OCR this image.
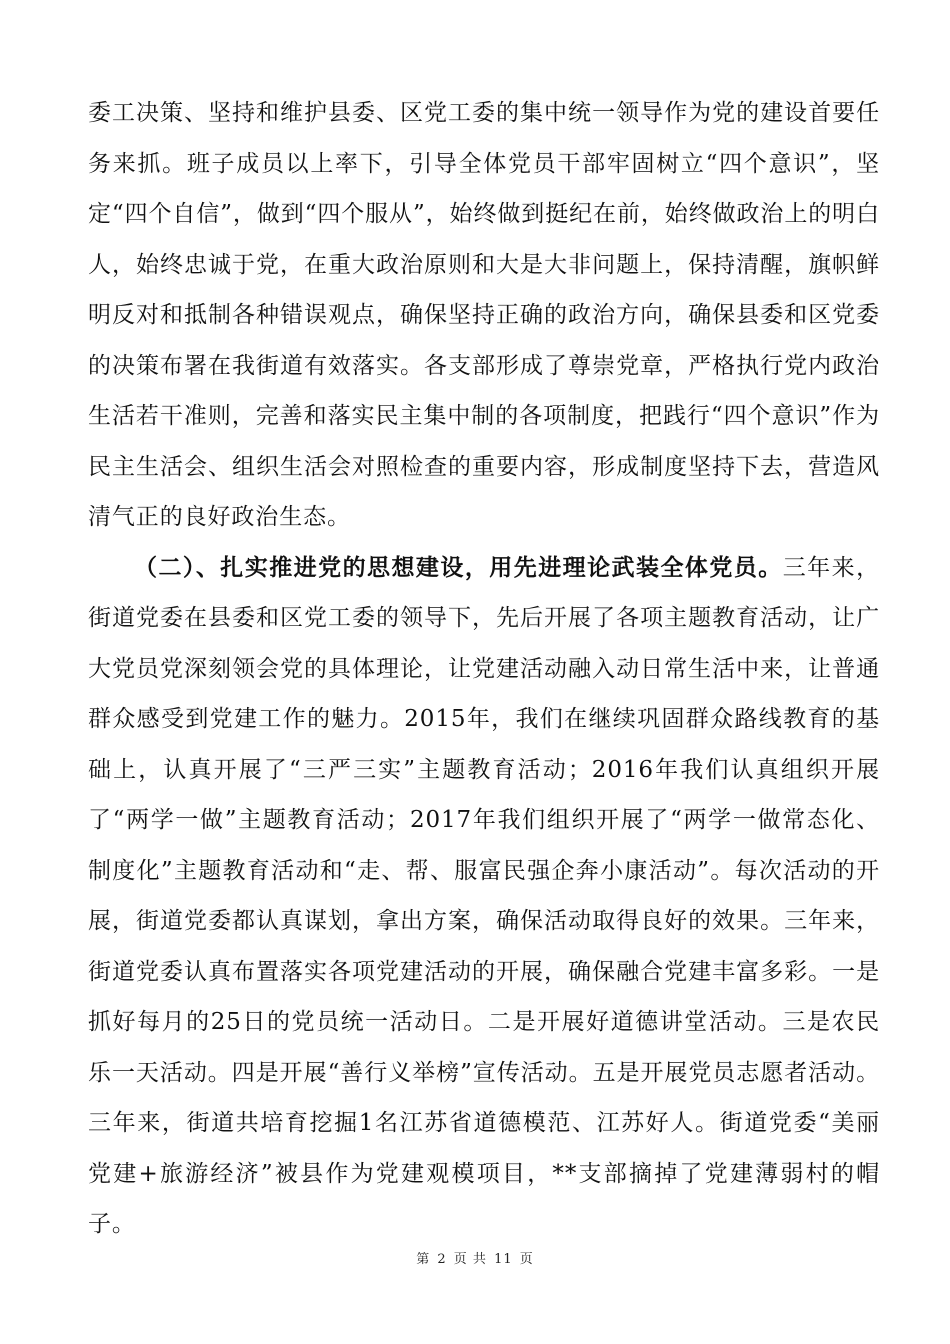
委工决策、坚持和维护县委、区党工委的集中统一领导作为党的建设首要任务来抓。班子成员以上率下，引导全体党员干部牢固树立“四个意识”，坚定“四个自信”，做到“四个服从”，始终做到挺纪在前，始终做政治上的明白人，始终忠诚于党，在重大政治原则和大是大非问题上，保持清醒，旗帜鲜明反对和抵制各种错误观点，确保坚持正确的政治方向，确保县委和区党委的决策布署在我街道有效落实。各支部形成了尊崇党章，严格执行党内政治生活若干准则，完善和落实民主集中制的各项制度，把践行“四个意识”作为民主生活会、组织生活会对照检查的重要内容，形成制度坚持下去，营造风清气正的良好政治生态。

（二）、扎实推进党的思想建设，用先进理论武装全体党员。三年来，街道党委在县委和区党工委的领导下，先后开展了各项主题教育活动，让广大党员党深刻领会党的具体理论，让党建活动融入动日常生活中来，让普通群众感受到党建工作的魅力。2015年，我们在继续巩固群众路线教育的基础上，认真开展了“三严三实”主题教育活动；2016年我们认真组织开展了“两学一做”主题教育活动；2017年我们组织开展了“两学一做常态化、制度化”主题教育活动和“走、帮、服富民强企奔小康活动”。每次活动的开展，街道党委都认真谋划，拿出方案，确保活动取得良好的效果。三年来，街道党委认真布置落实各项党建活动的开展，确保融合党建丰富多彩。一是抓好每月的25日的党员统一活动日。二是开展好道德讲堂活动。三是农民乐一天活动。四是开展“善行义举榜”宣传活动。五是开展党员志愿者活动。三年来，街道共培育挖掘1名江苏省道德模范、江苏好人。街道党委“美丽党建+旅游经济”被县作为党建观模项目，**支部摘掉了党建薄弱村的帽子。

第 2 页 共 11 页
